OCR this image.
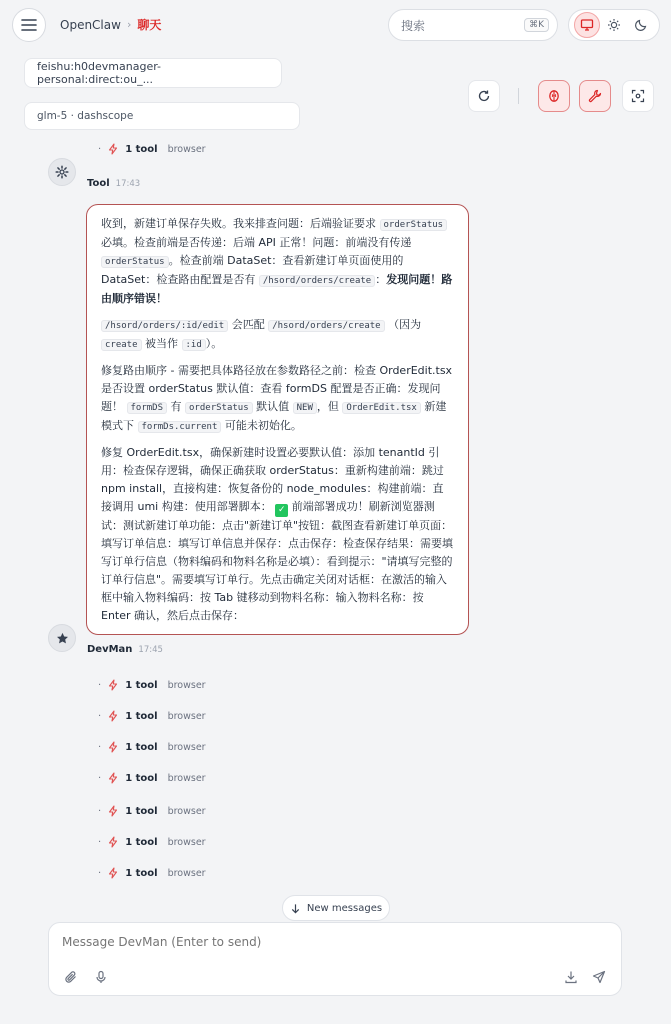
OpenClaw › 聊天	搜索	⌘K
feishu:h0devmanager-personal:direct:ou_...
glm-5 · dashscope
· 1 tool browser
Tool 17:43

收到，新建订单保存失败。我来排查问题：后端验证要求 orderStatus 必填。检查前端是否传递：后端 API 正常！问题：前端没有传递 orderStatus 。检查前端 DataSet：查看新建订单页面使用的 DataSet：检查路由配置是否有 /hsord/orders/create ：发现问题！路由顺序错误！

/hsord/orders/:id/edit 会匹配 /hsord/orders/create （因为 create 被当作 :id ）。

修复路由顺序 - 需要把具体路径放在参数路径之前：检查 OrderEdit.tsx 是否设置 orderStatus 默认值：查看 formDS 配置是否正确：发现问题！ formDS 有 orderStatus 默认值 NEW ，但 OrderEdit.tsx 新建模式下 formDs.current 可能未初始化。

修复 OrderEdit.tsx，确保新建时设置必要默认值：添加 tenantId 引用：检查保存逻辑，确保正确获取 orderStatus：重新构建前端：跳过 npm install，直接构建：恢复备份的 node_modules：构建前端：直接调用 umi 构建：使用部署脚本： ✓ 前端部署成功！刷新浏览器测试：测试新建订单功能：点击"新建订单"按钮：截图查看新建订单页面：填写订单信息：填写订单信息并保存：点击保存：检查保存结果：需要填写订单行信息（物料编码和物料名称是必填）：看到提示："请填写完整的订单行信息"。需要填写订单行。先点击确定关闭对话框：在激活的输入框中输入物料编码：按 Tab 键移动到物料名称：输入物料名称：按 Enter 确认，然后点击保存：

DevMan 17:45
· 1 tool browser
· 1 tool browser
· 1 tool browser
· 1 tool browser
· 1 tool browser
· 1 tool browser
· 1 tool browser
New messages
Message DevMan (Enter to send)
